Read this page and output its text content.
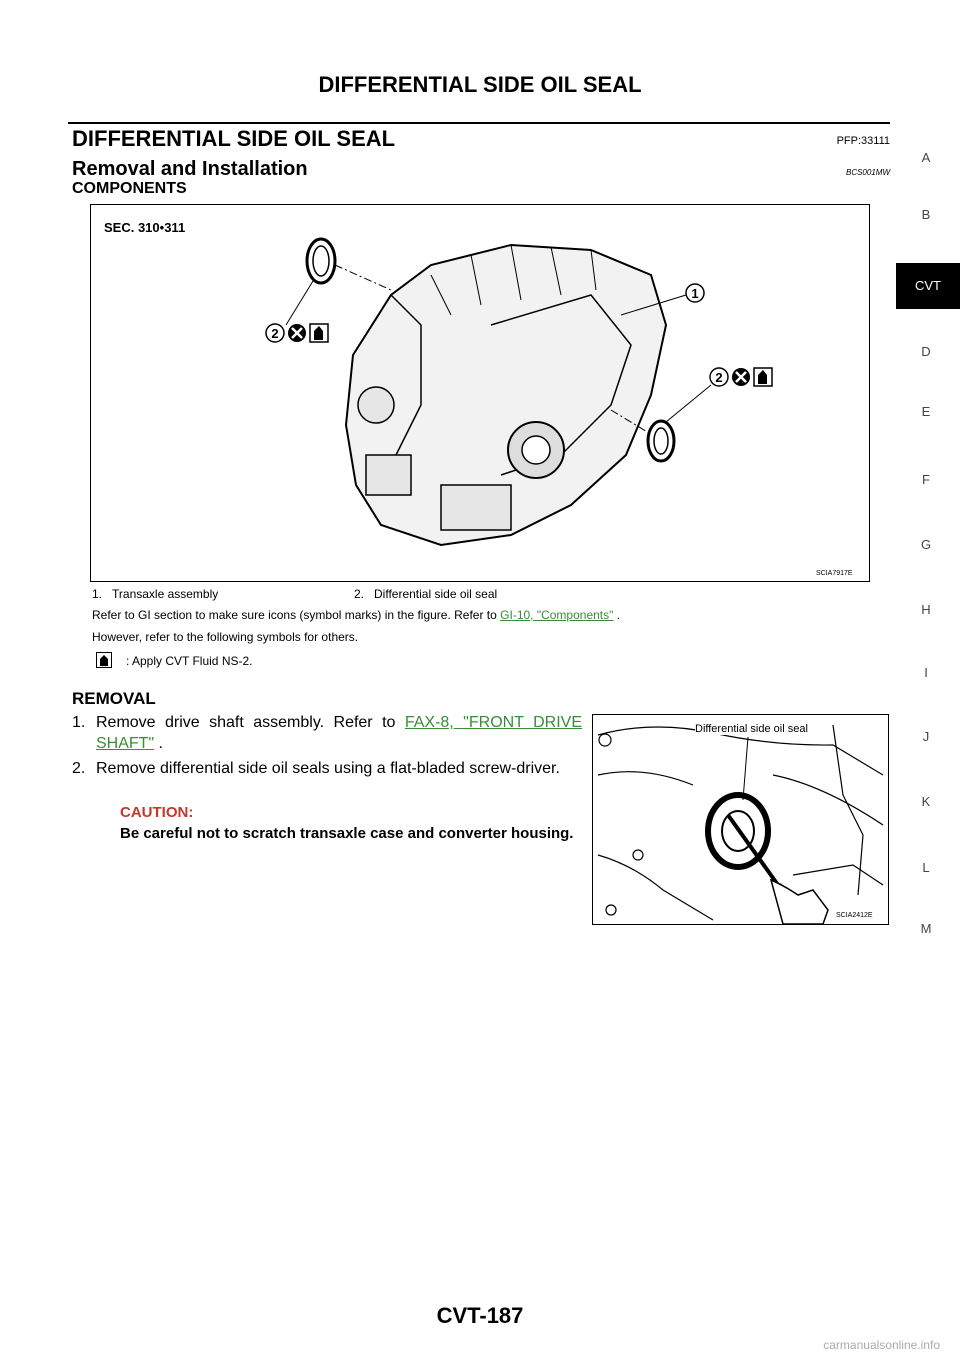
DIFFERENTIAL SIDE OIL SEAL
DIFFERENTIAL SIDE OIL SEAL	PFP:33111
Removal and Installation	BCS001MW
COMPONENTS
1
2
2
SEC. 310•311
SCIA7917E
1.   Transaxle assembly	2.   Differential side oil seal
Refer to GI section to make sure icons (symbol marks) in the figure. Refer to GI-10, "Components" .
However, refer to the following symbols for others.
: Apply CVT Fluid NS-2.
REMOVAL
1. Remove drive shaft assembly. Refer to FAX-8, "FRONT DRIVE SHAFT" .
2. Remove differential side oil seals using a flat-bladed screw-driver.
CAUTION:
Be careful not to scratch transaxle case and converter housing.
Differential side oil seal
SCIA2412E
A
B
CVT
D
E
F
G
H
I
J
K
L
M
CVT-187
carmanualsonline.info
